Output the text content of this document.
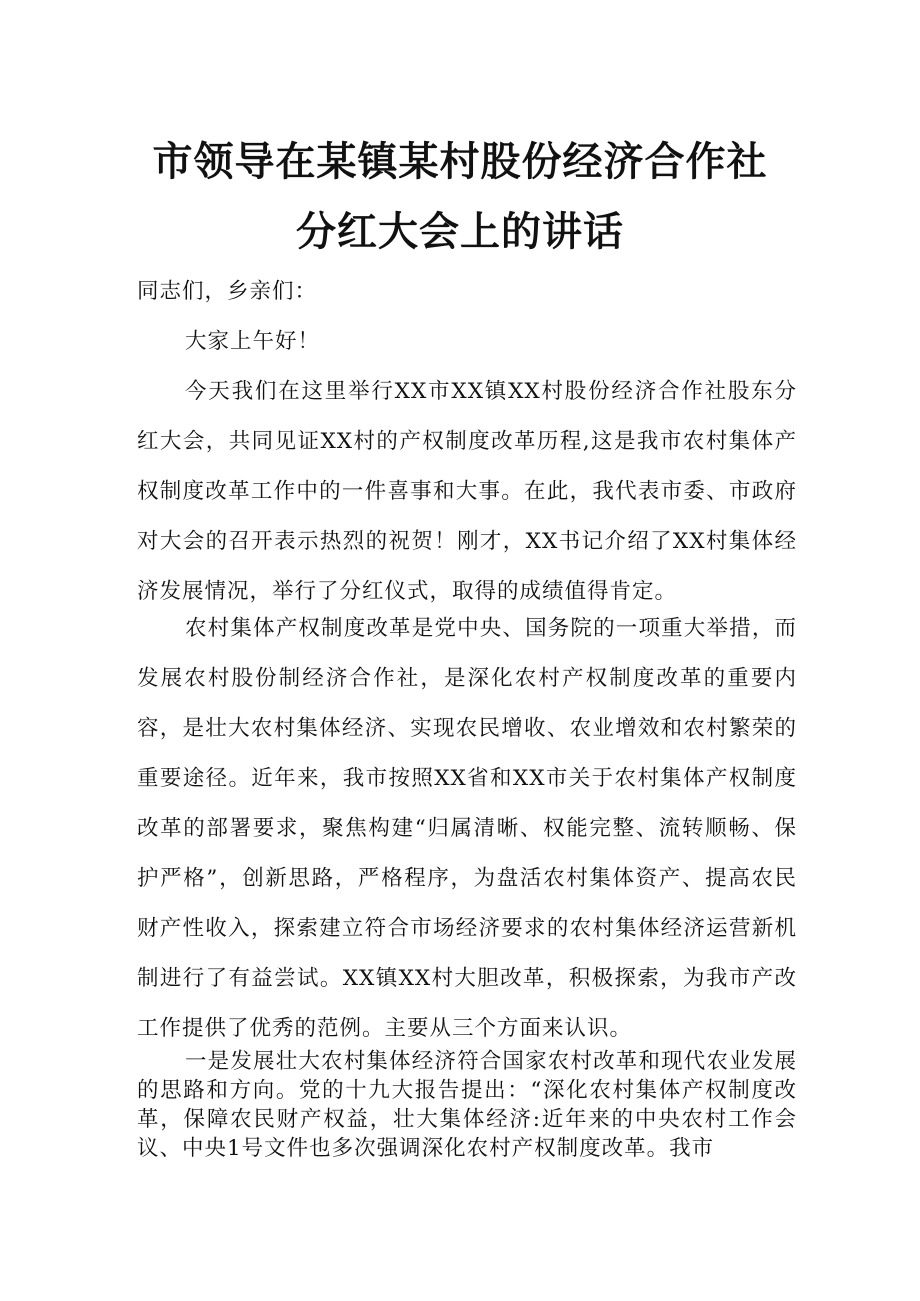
市领导在某镇某村股份经济合作社
分红大会上的讲话

同志们，乡亲们：

大家上午好！

今天我们在这里举行XX市XX镇XX村股份经济合作社股东分红大会，共同见证XX村的产权制度改革历程,这是我市农村集体产权制度改革工作中的一件喜事和大事。在此，我代表市委、市政府对大会的召开表示热烈的祝贺！刚才，XX书记介绍了XX村集体经济发展情况，举行了分红仪式，取得的成绩值得肯定。

农村集体产权制度改革是党中央、国务院的一项重大举措，而发展农村股份制经济合作社，是深化农村产权制度改革的重要内容，是壮大农村集体经济、实现农民增收、农业增效和农村繁荣的重要途径。近年来，我市按照XX省和XX市关于农村集体产权制度改革的部署要求，聚焦构建“归属清晰、权能完整、流转顺畅、保护严格”，创新思路，严格程序，为盘活农村集体资产、提高农民财产性收入，探索建立符合市场经济要求的农村集体经济运营新机制进行了有益尝试。XX镇XX村大胆改革，积极探索，为我市产改工作提供了优秀的范例。主要从三个方面来认识。

一是发展壮大农村集体经济符合国家农村改革和现代农业发展的思路和方向。党的十九大报告提出：“深化农村集体产权制度改革，保障农民财产权益，壮大集体经济:近年来的中央农村工作会议、中央1号文件也多次强调深化农村产权制度改革。我市
